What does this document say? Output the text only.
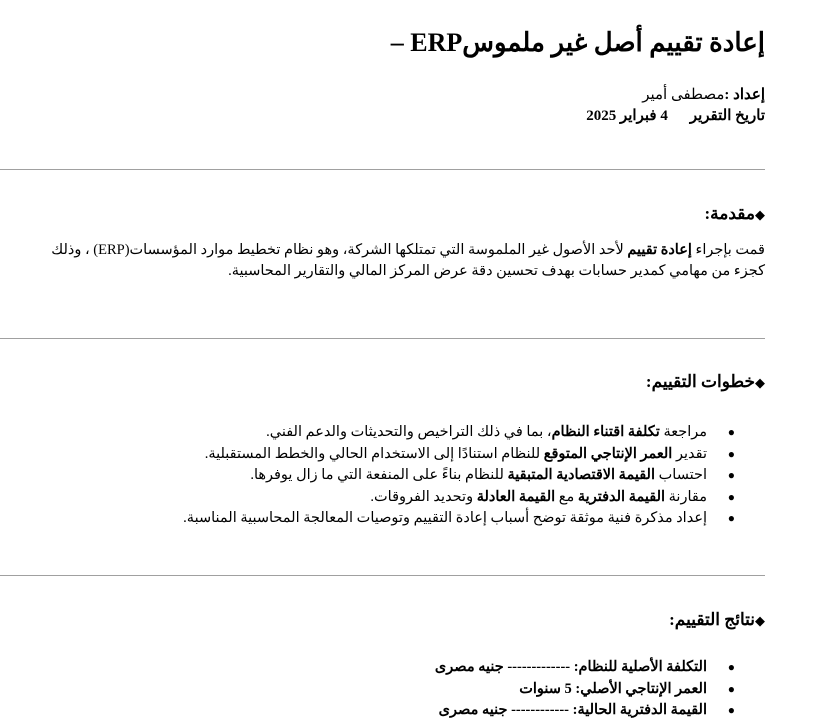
إعادة تقييم أصل غير ملموسERP –
إعداد :مصطفى أمير
تاريخ التقرير4 فبراير 2025
◆مقدمة:

قمت بإجراء إعادة تقييم لأحد الأصول غير الملموسة التي تمتلكها الشركة، وهو نظام تخطيط موارد المؤسسات(ERP) ، وذلك كجزء من مهامي كمدير حسابات بهدف تحسين دقة عرض المركز المالي والتقارير المحاسبية.

◆خطوات التقييم:
●
مراجعة تكلفة اقتناء النظام، بما في ذلك التراخيص والتحديثات والدعم الفني.
●
تقدير العمر الإنتاجي المتوقع للنظام استنادًا إلى الاستخدام الحالي والخطط المستقبلية.
●
احتساب القيمة الاقتصادية المتبقية للنظام بناءً على المنفعة التي ما زال يوفرها.
●
مقارنة القيمة الدفترية مع القيمة العادلة وتحديد الفروقات.
●
إعداد مذكرة فنية موثقة توضح أسباب إعادة التقييم وتوصيات المعالجة المحاسبية المناسبة.
◆نتائج التقييم:
●
التكلفة الأصلية للنظام: ------------- جنيه مصرى
●
العمر الإنتاجي الأصلي: 5 سنوات
●
القيمة الدفترية الحالية: ------------ جنيه مصرى
